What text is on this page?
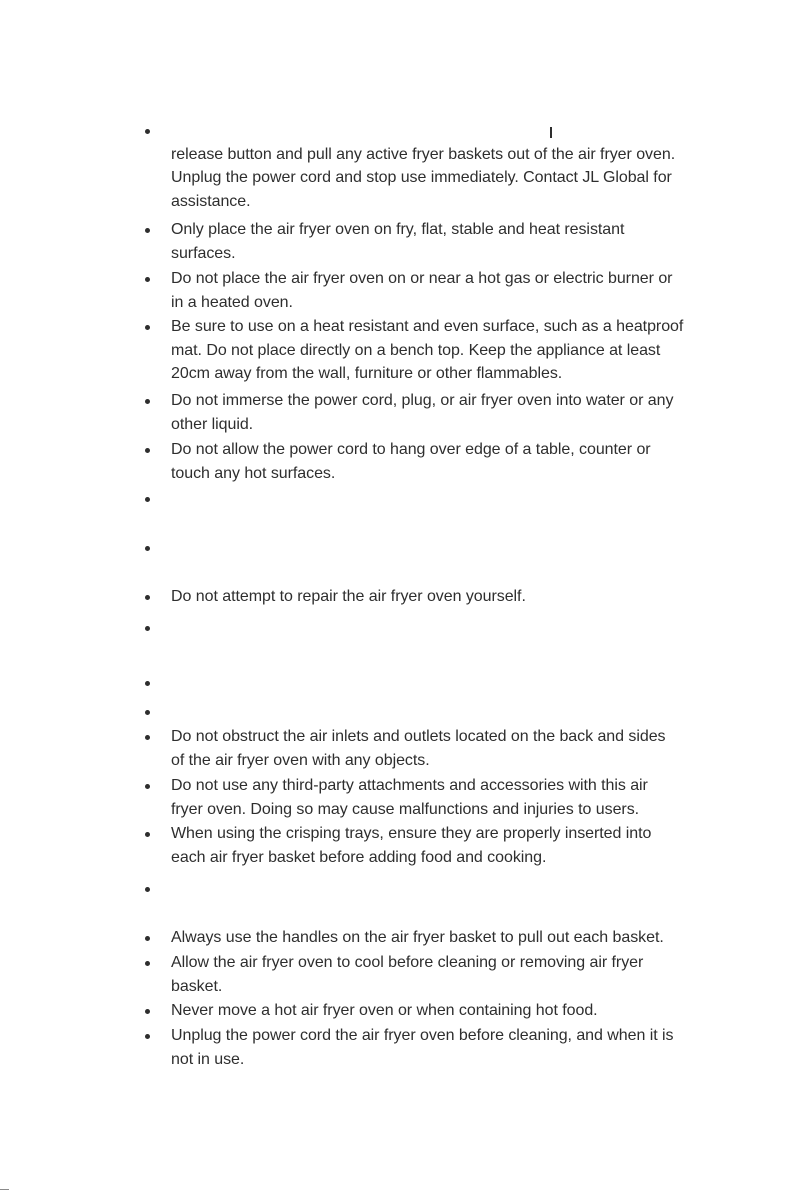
release button and pull any active fryer baskets out of the air fryer oven.
Unplug the power cord and stop use immediately. Contact JL Global for
assistance.
Only place the air fryer oven on fry, flat, stable and heat resistant
surfaces.
Do not place the air fryer oven on or near a hot gas or electric burner or
in a heated oven.
Be sure to use on a heat resistant and even surface, such as a heatproof
mat. Do not place directly on a bench top. Keep the appliance at least
20cm away from the wall, furniture or other flammables.
Do not immerse the power cord, plug, or air fryer oven into water or any
other liquid.
Do not allow the power cord to hang over edge of a table, counter or
touch any hot surfaces.
Do not attempt to repair the air fryer oven yourself.
Do not obstruct the air inlets and outlets located on the back and sides
of the air fryer oven with any objects.
Do not use any third-party attachments and accessories with this air
fryer oven. Doing so may cause malfunctions and injuries to users.
When using the crisping trays, ensure they are properly inserted into
each air fryer basket before adding food and cooking.
Always use the handles on the air fryer basket to pull out each basket.
Allow the air fryer oven to cool before cleaning or removing air fryer
basket.
Never move a hot air fryer oven or when containing hot food.
Unplug the power cord the air fryer oven before cleaning, and when it is
not in use.
